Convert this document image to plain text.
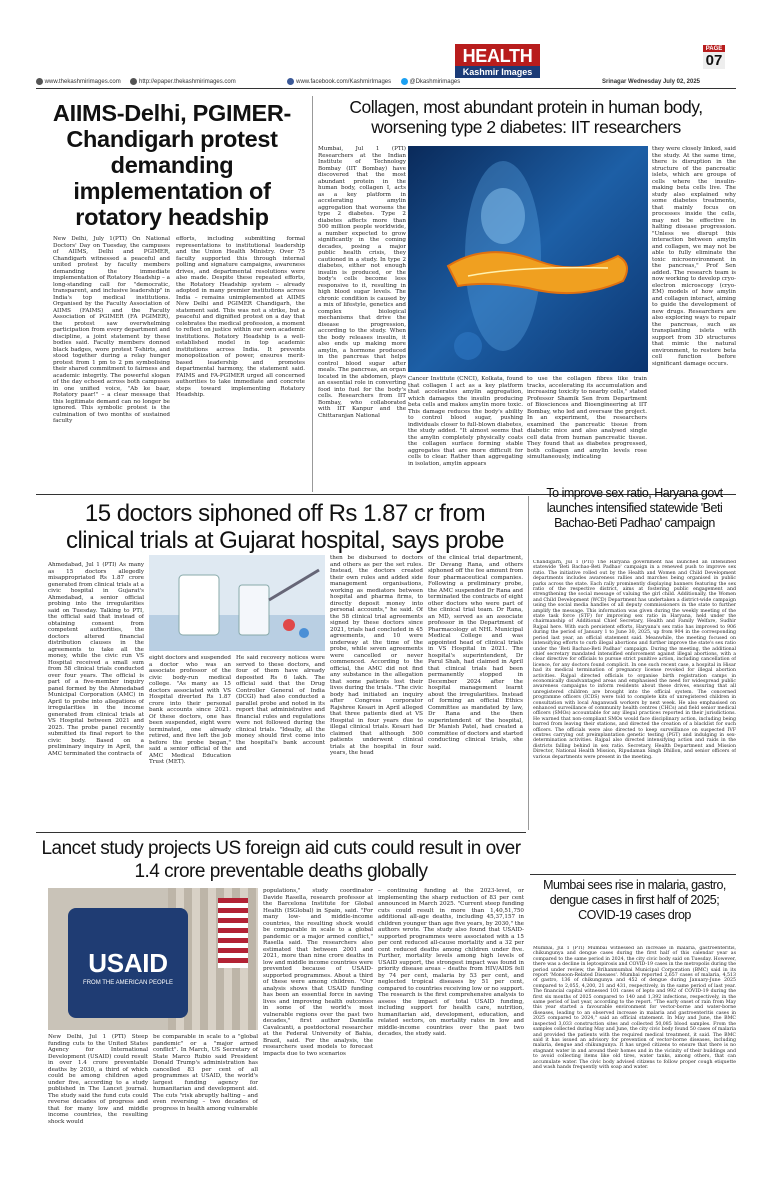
HEALTH
Kashmir Images
PAGE
07
www.thekashmirimages.com	http://epaper.thekashmirimages.com	www.facebook.com/KashmirImages	@Dkashmirimages	Srinagar Wednesday July 02, 2025
AIIMS-Delhi, PGIMER-Chandigarh protest demanding implementation of rotatory headship
New Delhi, July 1(PTI) On National Doctors' Day on Tuesday, the campuses of AIIMS, Delhi and PGIMER, Chandigarh witnessed a peaceful and united protest by faculty members demanding the immediate implementation of Rotatory Headship – a long-standing call for "democratic, transparent, and inclusive leadership" in India's top medical institutions. Organised by the Faculty Association of AIIMS (FAIMS) and the Faculty Association of PGIMER (FA PGIMER), the protest saw overwhelming participation from every department and discipline, a joint statement by these bodies said. Faculty members donned black badges, wore protest T-shirts, and stood together during a relay hunger protest from 1 pm to 2 pm symbolising their shared commitment to fairness and academic integrity. The powerful slogan of the day echoed across both campuses in one unified voice, "Ab ke baar, Rotatory paar!" – a clear message that this legitimate demand can no longer be ignored. This symbolic protest is the culmination of two months of sustained faculty
efforts, including submitting formal representations to institutional leadership and the Union Health Ministry. Over 75 faculty supported this through internal polling and signature campaigns, awareness drives, and departmental resolutions were also made. Despite these repeated efforts, the Rotatory Headship system – already adopted in many premier institutions across India – remains unimplemented at AIIMS New Delhi and PGIMER Chandigarh, the statement said. This was not a strike, but a peaceful and dignified protest on a day that celebrates the medical profession, a moment to reflect on justice within our own academic institutions. Rotatory Headship is a well-established model in top academic institutions across India. It prevents monopolization of power, ensures merit-based leadership and promotes departmental harmony, the statement said. FAIMS and FA-PGIMER urged all concerned authorities to take immediate and concrete steps toward implementing Rotatory Headship.
Collagen, most abundant protein in human body, worsening type 2 diabetes: IIT researchers
Mumbai, Jul 1 (PTI) Researchers at the Indian Institute of Technology Bombay (IIT Bombay) have discovered that the most abundant protein in the human body, collagen I, acts as a key platform in accelerating amylin aggregation that worsens the type 2 diabetes. Type 2 diabetes affects more than 500 million people worldwide, a number expected to grow significantly in the coming decades, posing a major public health crisis, they cautioned in a study. In type 2 diabetes, either not enough insulin is produced, or the body's cells become less responsive to it, resulting in high blood sugar levels. The chronic condition is caused by a mix of lifestyle, genetics and complex biological mechanisms that drive the disease progression, according to the study. When the body releases insulin, it also ends up making more amylin, a hormone produced in the pancreas that helps control blood sugar after meals. The pancreas, an organ located in the abdomen, plays an essential role in converting food into fuel for the body's cells. Researchers from IIT Bombay, who collaborated with IIT Kanpur and the Chittaranjan National
Cancer Institute (CNCI), Kolkata, found that collagen I act as a key platform that accelerates amylin aggregation, which damages the insulin producing beta cells and makes amylin more toxic. This damage reduces the body's ability to control blood sugar, pushing individuals closer to full-blown diabetes, the study added. "It almost seems that the amylin completely physically coats the collagen surface forming stable aggregates that are more difficult for cells to clear. Rather than aggregating in isolation, amylin appears
to use the collagen fibres like train tracks, accelerating its accumulation and increasing toxicity to nearby cells," stated Professor Shamik Sen from Department of Biosciences and Bioengineering at IIT Bombay, who led and oversaw the project. In an experiment, the researchers examined the pancreatic tissue from diabetic mice and also analysed single cell data from human pancreatic tissue. They found that as diabetes progressed, both collagen and amylin levels rose simultaneously, indicating
they were closely linked, said the study. At the same time, there is disruption in the structure of the pancreatic islets, which are groups of cells where the insulin-making beta cells live. The study also explained why some diabetes treatments, that mainly focus on processes inside the cells, may not be effective in halting disease progression. "Unless we disrupt this interaction between amylin and collagen, we may not be able to fully eliminate the toxic microenvironment in the pancreas," Prof Sen added. The research team is now working to develop cryo-electron microscopy (cryo-EM) models of how amylin and collagen interact, aiming to guide the development of new drugs. Researchers are also exploring ways to repair the pancreas, such as transplanting islets with support from 3D structures that mimic the natural environment, to restore beta cell function before significant damage occurs.
15 doctors siphoned off Rs 1.87 cr from clinical trials at Gujarat hospital, says probe
Ahmedabad, Jul 1 (PTI) As many as 15 doctors allegedly misappropriated Rs 1.87 crore generated from clinical trials at a civic hospital in Gujarat's Ahmedabad, a senior official probing into the irregularities said on Tuesday. Talking to PTI, the official said that instead of obtaining consent from competent authorities, the doctors altered financial distribution clauses in the agreements to take all the money, while the civic run VS Hospital received a small sum from 58 clinical trials conducted over four years. The official is part of a five-member inquiry panel formed by the Ahmedabad Municipal Corporation (AMC) in April to probe into allegations of irregularities in the income generated from clinical trials at VS Hospital between 2021 and 2025. The probe panel recently submitted its final report to the civic body. Based on a preliminary inquiry in April, the AMC terminated the contracts of
eight doctors and suspended a doctor who was an associate professor of the civic body-run medical college. "As many as 15 doctors associated with VS Hospital diverted Rs 1.87 crore into their personal bank accounts since 2021. Of these doctors, one has been suspended, eight were terminated, one already retired, and five left the job before the probe began," said a senior official of the AMC Medical Education Trust (MET).
He said recovery notices were served to these doctors, and four of them have already deposited Rs 6 lakh. The official said that the Drug Controller General of India (DCGI) had also conducted a parallel probe and noted in its report that administrative and financial rules and regulations were not followed during the clinical trials. "Ideally, all the money should first come into the hospital's bank account and
then be disbursed to doctors and others as per the set rules. Instead, the doctors created their own rules and added side management organisations, working as mediators between hospital and pharma firms, to directly deposit money into personal accounts," he said. Of the 58 clinical trial agreements signed by these doctors since 2021, trials had concluded in 45 agreements, and 10 were underway at the time of the probe, while seven agreements were cancelled or never commenced. According to the official, the AMC did not find any substance in the allegation that some patients lost their lives during the trials. "The civic body had initiated an inquiry after Congress corporator Rajshree Kesari in April alleged that three patients died at VS Hospital in four years due to illegal clinical trials. Kesari had claimed that although 500 patients underwent clinical trials at the hospital in four years, the head
of the clinical trial department, Dr Devang Rana, and others siphoned off the fee amount from four pharmaceutical companies. Following a preliminary probe, the AMC suspended Dr Rana and terminated the contracts of eight other doctors who were part of the clinical trial team. Dr Rana, an MD, served as an associate professor in the Department of Pharmacology at NHL Municipal Medical College and was appointed head of clinical trials in VS Hospital in 2021. The hospital's superintendent, Dr Parul Shah, had claimed in April that clinical trials had been permanently stopped in December 2024 after the hospital management learnt about the irregularities. Instead of forming an official Ethics Committee as mandated by law, Dr Rana and the then superintendent of the hospital, Dr Manish Patel, had created a committee of doctors and started conducting clinical trials, she said.
To improve sex ratio, Haryana govt launches intensified statewide 'Beti Bachao-Beti Padhao' campaign
Chandigarh, Jul 1 (PTI) The Haryana government has launched an intensified statewide 'Beti Bachao-Beti Padhao' campaign in a renewed push to improve sex ratio. The initiative rolled out by the Health and Women and Child Development departments includes awareness rallies and marches being organised in public parks across the state. Each rally prominently displaying banners featuring the sex ratio of the respective district, aims at fostering public engagement and strengthening the social message of valuing the girl child. Additionally, the Women and Child Development (WCD) Department has undertaken a district-wide campaign using the social media handles of all deputy commissioners in the state to further amplify the message. This information was given during the weekly meeting of the state task force (STF) for improving sex ratio in Haryana, held under the chairmanship of Additional Chief Secretary, Health and Family Welfare, Sudhir Rajpal here. With such persistent efforts, Haryana's sex ratio has improved to 906 during the period of January 1 to June 30, 2025, up from 904 in the corresponding period last year, an official statement said. Meanwhile, the meeting focused on intensifying efforts to curb illegal abortions and further improve the state's sex ratio under the 'Beti Bachao-Beti Padhao' campaign. During the meeting, the additional chief secretary mandated intensified enforcement against illegal abortions, with a clear directive for officials to pursue strict punitive action, including cancellation of licence, for any doctors found complicit. In one such recent case, a hospital in Hisar had its medical termination of pregnancy license revoked for illegal abortion activities. Rajpal directed officials to organise birth registration camps in economically disadvantaged areas and emphasised the need for widespread public awareness campaigns to inform residents about these drives, ensuring that all unregistered children are brought into the official system. The concerned programme officers (ICDS) were told to complete kits of unregistered children in consultation with local Anganwadi workers by next week. He also emphasised on enhanced surveillance of community health centres (CHCs) and field senior medical officers (SMOs) accountable for any illegal practices reported in their jurisdictions. He warned that non-compliant SMOs would face disciplinary action, including being barred from leaving their stations, and directed the creation of a blacklist for such officers. The officials were also directed to keep surveillance on suspected IVF centres carrying out preimplantation genetic testing (PGT) and indulging in sex-determination activities. Rajpal also directed intensifying action and raids in the districts falling behind in sex ratio. Secretary, Health Department and Mission Director, National Health Mission, Ripudaman Singh Dhillon, and senior officers of various departments were present in the meeting.
Lancet study projects US foreign aid cuts could result in over 1.4 crore preventable deaths globally
USAID
FROM THE AMERICAN PEOPLE
New Delhi, Jul 1 (PTI) Steep funding cuts to the United States Agency for International Development (USAID) could result in over 1.4 crore preventable deaths by 2030, a third of which could be among children aged under five, according to a study published in The Lancet journal. The study said the fund cuts could reverse decades of progress and that for many low and middle income countries, the resulting shock would
be comparable in scale to a "global pandemic" or a "major armed conflict". In March, US Secretary of State Marco Rubio said President Donald Trump's administration has cancelled 83 per cent of all programmes at USAID, the world's largest funding agency for humanitarian and development aid. The cuts "risk abruptly halting – and even reversing – two decades of progress in health among vulnerable
populations," study coordinator Davide Rasella, research professor at the Barcelona Institute for Global Health (ISGlobal) in Spain, said. "For many low- and middle-income countries, the resulting shock would be comparable in scale to a global pandemic or a major armed conflict," Rasella said. The researchers also estimated that between 2001 and 2021, more than nine crore deaths in low and middle income countries were prevented because of USAID-supported programmes. About a third of these were among children. "Our analysis shows that USAID funding has been an essential force in saving lives and improving health outcomes in some of the world's most vulnerable regions over the past two decades," first author Daniella Cavalcanti, a postdoctoral researcher at the Federal University of Bahia, Brazil, said. For the analysis, the researchers used models to forecast impacts due to two scenarios
– continuing funding at the 2023-level, or implementing the sharp reduction of 83 per cent announced in March 2025. "Current steep funding cuts could result in more than 1,40,51,750 additional all-age deaths, including 45,37,157 in children younger than age five years, by 2030," the authors wrote. The study also found that USAID-supported programmes were associated with a 15 per cent reduced all-cause mortality and a 32 per cent reduced deaths among children under five. Further, mortality levels among high levels of USAID support, the strongest impact was found in priority disease areas – deaths from HIV/AIDS fell by 74 per cent, malaria by 53 per cent, and neglected tropical diseases by 51 per cent, compared to countries receiving low or no support. The research is the first comprehensive analysis to assess the impact of total USAID funding, including support for health care, nutrition, humanitarian aid, development, education, and related sectors, on mortality rates in low and middle-income countries over the past two decades, the study said.
Mumbai sees rise in malaria, gastro, dengue cases in first half of 2025; COVID-19 cases drop
Mumbai, Jul 1 (PTI) Mumbai witnessed an increase in malaria, gastroenteritis, chikungunya and dengue cases during the first half of this calendar year as compared to the same period in 2024, the city civic body said on Tuesday. However, there was a decline in leptospirosis and COVID-19 cases in the metropolis during the period under review, the Brihanmumbai Municipal Corporation (BMC) said in its report 'Monsoon-Related Diseases'. Mumbai reported 2,657 cases of malaria, 4,513 of gastro, 136 of chikungunya and 452 of dengue during January-June 2025 compared to 2,055, 4,200, 21 and 431, respectively, in the same period of last year. The financial capital witnessed 101 cases of lepto and 992 of COVID-19 during the first six months of 2025 compared to 140 and 1,392 infections, respectively, in the same period of last year, according to the report. "The early onset of rain from May this year started a favourable environment for vector-borne and water-borne diseases, leading to an observed increase in malaria and gastroenteritis cases in 2025 compared to 2024," said an official statement. In May and June, the BMC inspected 3,033 construction sites and collected 50,085 blood samples. From the samples collected during May and June, the city civic body found 50 cases of malaria and provided the patients with the required medical treatment, it said. The BMC said it has issued an advisory for prevention of vector-borne diseases, including malaria, dengue and chikungunya. It has urged citizens to ensure that there is no stagnant water in and around their homes and in the vicinity of their buildings and to avoid collecting items like old tires, water tanks, among others, that can accumulate water. The civic body advised citizens to follow proper cough etiquette and wash hands frequently with soap and water.
